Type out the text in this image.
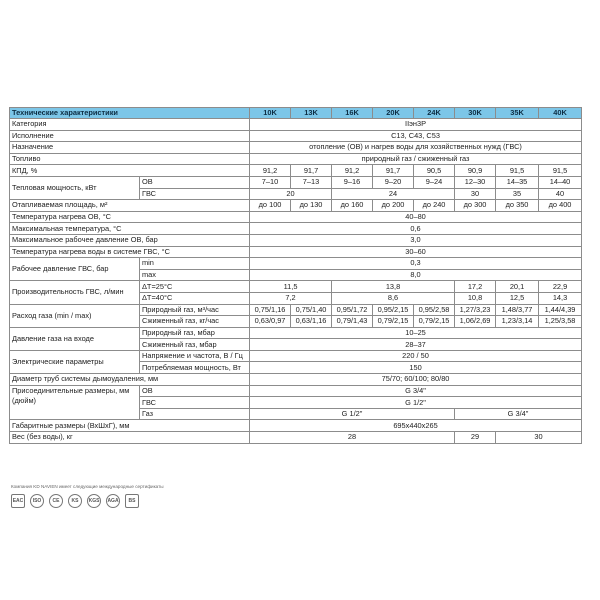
Технические характеристики		10K	13K	16K	20K	24K	30K	35K	40K
Категория		IIэн3P							
Исполнение		C13, C43, C53							
Назначение		отопление (ОВ) и нагрев воды для хозяйственных нужд (ГВС)							
Топливо		природный газ / сжиженный газ							
КПД, %		91,2	91,7	91,2	91,7	90,5	90,9	91,5	91,5
Тепловая мощность, кВт	ОВ	7–10	7–13	9–16	9–20	9–24	12–30	14–35	14–40
	ГВС	20		24			30	35	40
Отапливаемая площадь, м²		до 100	до 130	до 160	до 200	до 240	до 300	до 350	до 400
Температура нагрева ОВ, °С		40–80							
Максимальная температура, °С		0,6							
Максимальное рабочее давление ОВ, бар		3,0							
Температура нагрева воды в системе ГВС, °С		30–60							
Рабочее давление ГВС, бар	min	0,3							
	max	8,0							
Производительность ГВС, л/мин	ΔT=25°C	11,5		13,8			17,2	20,1	22,9
	ΔT=40°C	7,2		8,6			10,8	12,5	14,3
Расход газа (min / max)	Природный газ, м³/час	0,75/1,16	0,75/1,40	0,95/1,72	0,95/2,15	0,95/2,58	1,27/3,23	1,48/3,77	1,44/4,39
	Сжиженный газ, кг/час	0,63/0,97	0,63/1,16	0,79/1,43	0,79/2,15	0,79/2,15	1,06/2,69	1,23/3,14	1,25/3,58
Давление газа на входе	Природный газ, мбар	10–25							
	Сжиженный газ, мбар	28–37							
Электрические параметры	Напряжение и частота, В / Гц	220 / 50							
	Потребляемая мощность, Вт	150							
Диаметр труб системы дымоудаления, мм		75/70; 60/100; 80/80							
Присоединительные размеры, мм (дюйм)	ОВ	G 3/4"							
	ГВС	G 1/2"							
	Газ	G 1/2"					G 3/4"		
Габаритные размеры (ВхШхГ), мм		695x440x265							
Вес (без воды), кг		28					29	30	
Компания KD NAVIEN имеет следующие международные сертификаты
EAC	ISO	CE	KS	KGS	AGA	BS
